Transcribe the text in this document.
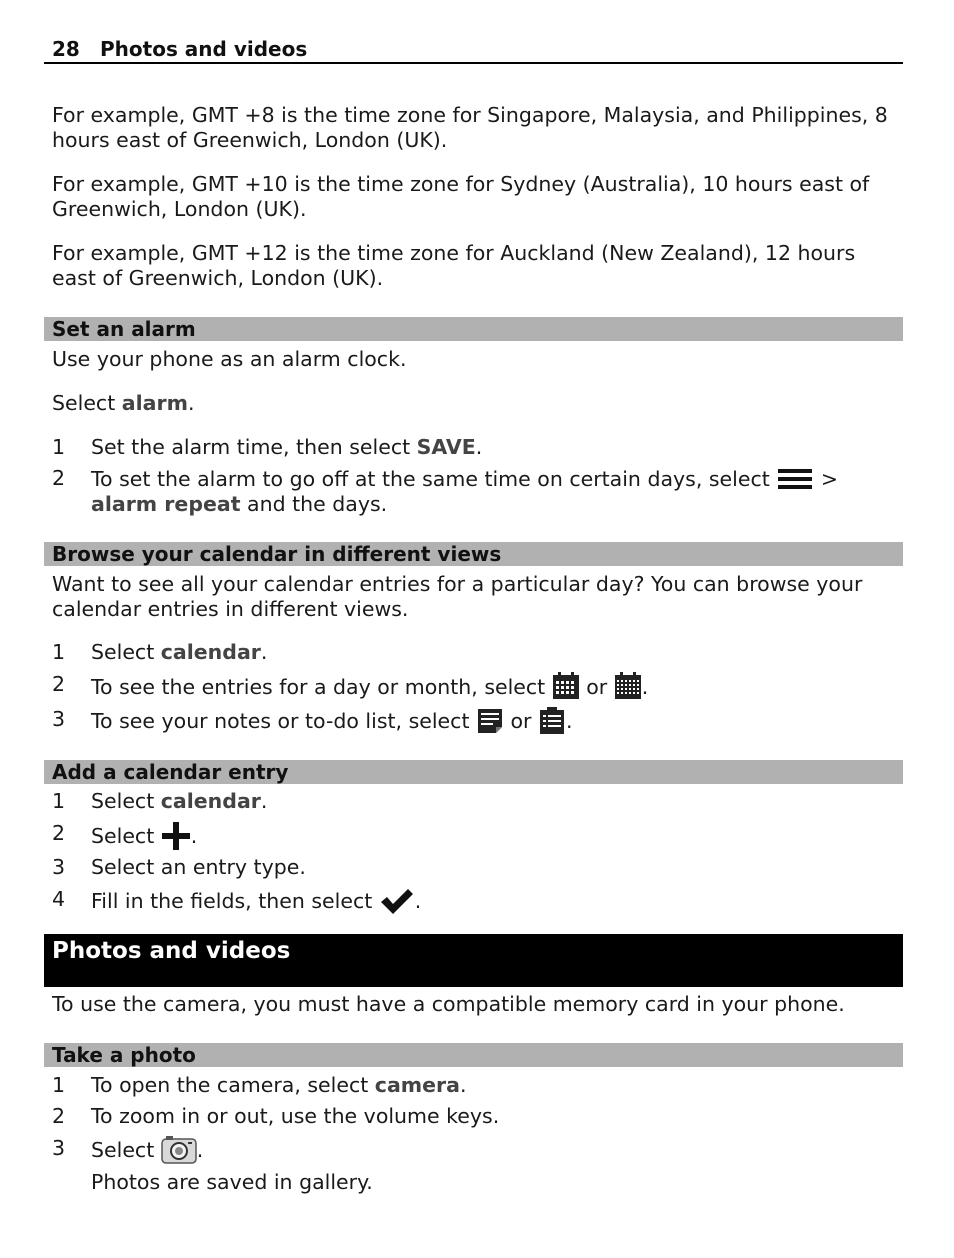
28 Photos and videos

For example, GMT +8 is the time zone for Singapore, Malaysia, and Philippines, 8 hours east of Greenwich, London (UK).

For example, GMT +10 is the time zone for Sydney (Australia), 10 hours east of Greenwich, London (UK).

For example, GMT +12 is the time zone for Auckland (New Zealand), 12 hours east of Greenwich, London (UK).

Set an alarm

Use your phone as an alarm clock.

Select alarm.

1 Set the alarm time, then select SAVE.
2 To set the alarm to go off at the same time on certain days, select  > alarm repeat and the days.
Browse your calendar in different views

Want to see all your calendar entries for a particular day? You can browse your calendar entries in different views.

1 Select calendar.
2 To see the entries for a day or month, select  or .
3 To see your notes or to-do list, select  or .
Add a calendar entry
1 Select calendar.
2 Select .
3 Select an entry type.
4 Fill in the fields, then select .
Photos and videos

To use the camera, you must have a compatible memory card in your phone.

Take a photo
1 To open the camera, select camera.
2 To zoom in or out, use the volume keys.
3 Select .

Photos are saved in gallery.
